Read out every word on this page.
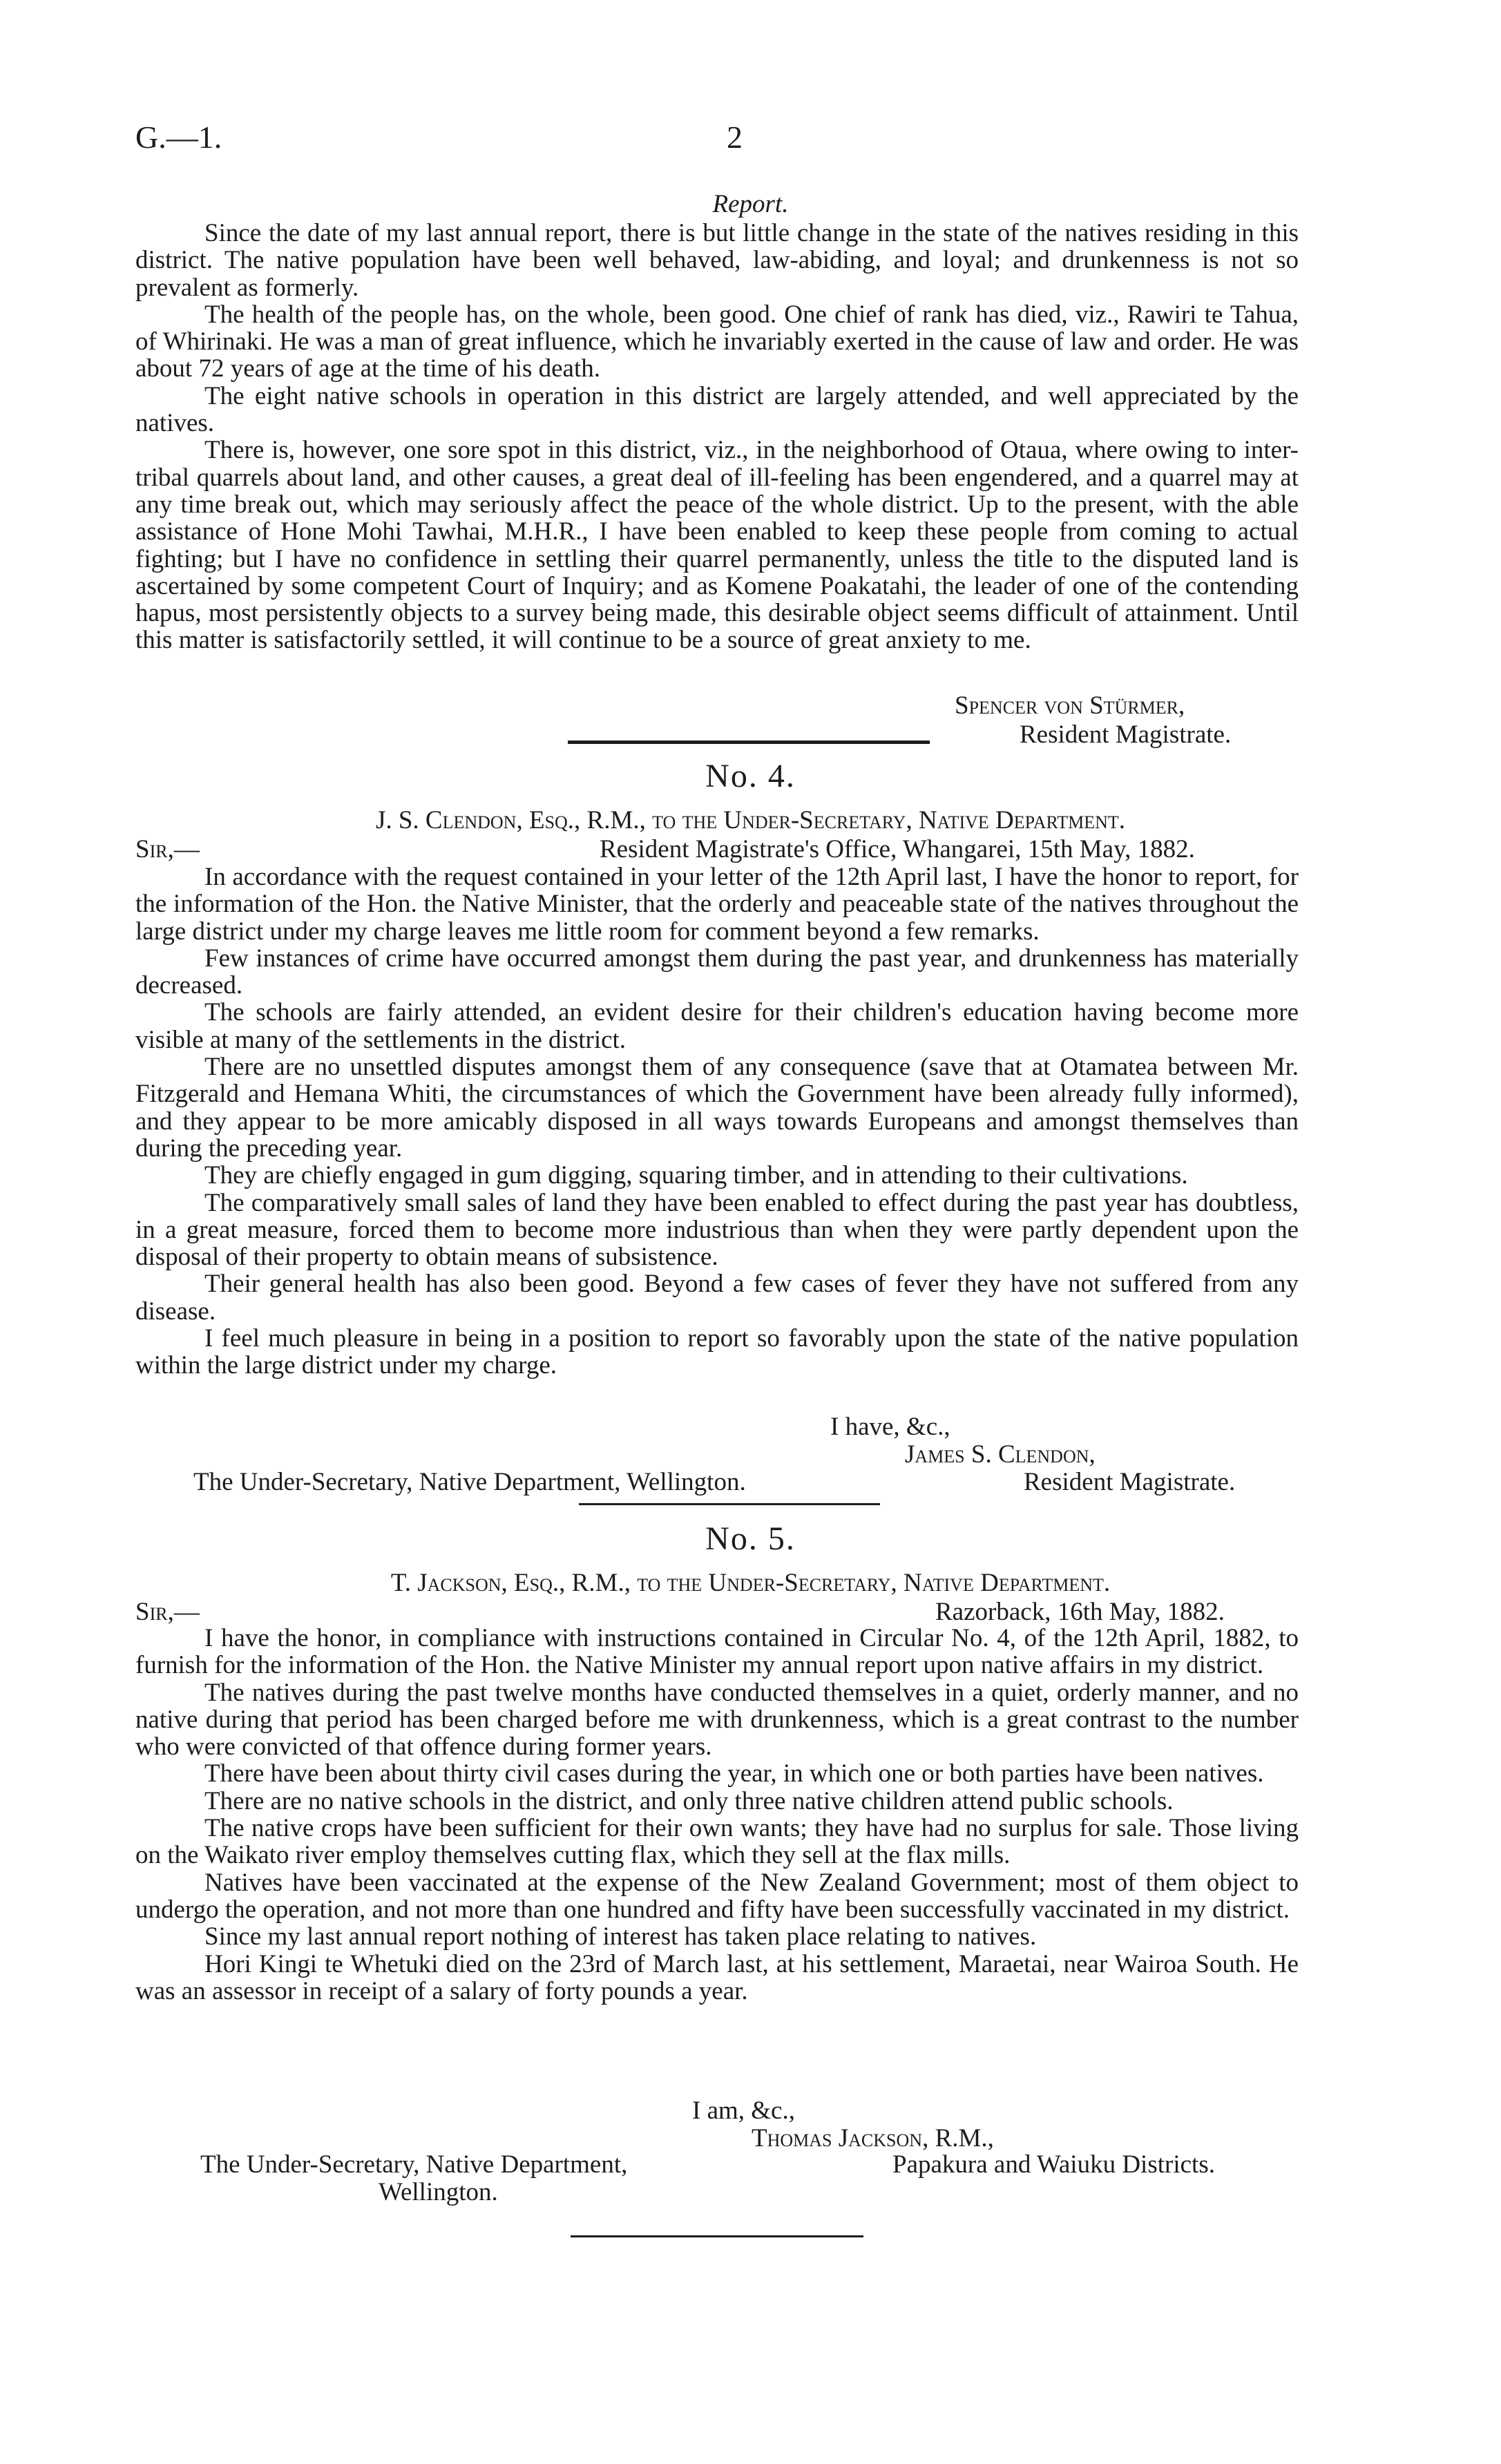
G.—1.	2
Report.

Since the date of my last annual report, there is but little change in the state of the natives residing in this district. The native population have been well behaved, law-abiding, and loyal; and drunkenness is not so prevalent as formerly.

The health of the people has, on the whole, been good. One chief of rank has died, viz., Rawiri te Tahua, of Whirinaki. He was a man of great influence, which he invariably exerted in the cause of law and order. He was about 72 years of age at the time of his death.

The eight native schools in operation in this district are largely attended, and well appreciated by the natives.

There is, however, one sore spot in this district, viz., in the neighborhood of Otaua, where owing to inter-tribal quarrels about land, and other causes, a great deal of ill-feeling has been engendered, and a quarrel may at any time break out, which may seriously affect the peace of the whole district. Up to the present, with the able assistance of Hone Mohi Tawhai, M.H.R., I have been enabled to keep these people from coming to actual fighting; but I have no confidence in settling their quarrel permanently, unless the title to the disputed land is ascertained by some competent Court of Inquiry; and as Komene Poakatahi, the leader of one of the contending hapus, most persistently objects to a survey being made, this desirable object seems difficult of attainment. Until this matter is satisfactorily settled, it will continue to be a source of great anxiety to me.

Spencer von Stürmer,
Resident Magistrate.
No. 4.
J. S. Clendon, Esq., R.M., to the Under-Secretary, Native Department.
Sir,—	Resident Magistrate's Office, Whangarei, 15th May, 1882.

In accordance with the request contained in your letter of the 12th April last, I have the honor to report, for the information of the Hon. the Native Minister, that the orderly and peaceable state of the natives throughout the large district under my charge leaves me little room for comment beyond a few remarks.

Few instances of crime have occurred amongst them during the past year, and drunkenness has materially decreased.

The schools are fairly attended, an evident desire for their children's education having become more visible at many of the settlements in the district.

There are no unsettled disputes amongst them of any consequence (save that at Otamatea between Mr. Fitzgerald and Hemana Whiti, the circumstances of which the Government have been already fully informed), and they appear to be more amicably disposed in all ways towards Europeans and amongst themselves than during the preceding year.

They are chiefly engaged in gum digging, squaring timber, and in attending to their cultivations.

The comparatively small sales of land they have been enabled to effect during the past year has doubtless, in a great measure, forced them to become more industrious than when they were partly dependent upon the disposal of their property to obtain means of subsistence.

Their general health has also been good. Beyond a few cases of fever they have not suffered from any disease.

I feel much pleasure in being in a position to report so favorably upon the state of the native population within the large district under my charge.

I have, &c.,
James S. Clendon,
The Under-Secretary, Native Department, Wellington.	Resident Magistrate.
No. 5.
T. Jackson, Esq., R.M., to the Under-Secretary, Native Department.
Sir,—	Razorback, 16th May, 1882.

I have the honor, in compliance with instructions contained in Circular No. 4, of the 12th April, 1882, to furnish for the information of the Hon. the Native Minister my annual report upon native affairs in my district.

The natives during the past twelve months have conducted themselves in a quiet, orderly manner, and no native during that period has been charged before me with drunkenness, which is a great contrast to the number who were convicted of that offence during former years.

There have been about thirty civil cases during the year, in which one or both parties have been natives.

There are no native schools in the district, and only three native children attend public schools.

The native crops have been sufficient for their own wants; they have had no surplus for sale. Those living on the Waikato river employ themselves cutting flax, which they sell at the flax mills.

Natives have been vaccinated at the expense of the New Zealand Government; most of them object to undergo the operation, and not more than one hundred and fifty have been successfully vaccinated in my district.

Since my last annual report nothing of interest has taken place relating to natives.

Hori Kingi te Whetuki died on the 23rd of March last, at his settlement, Maraetai, near Wairoa South. He was an assessor in receipt of a salary of forty pounds a year.

I am, &c.,
Thomas Jackson, R.M.,
The Under-Secretary, Native Department,	Papakura and Waiuku Districts.
Wellington.
